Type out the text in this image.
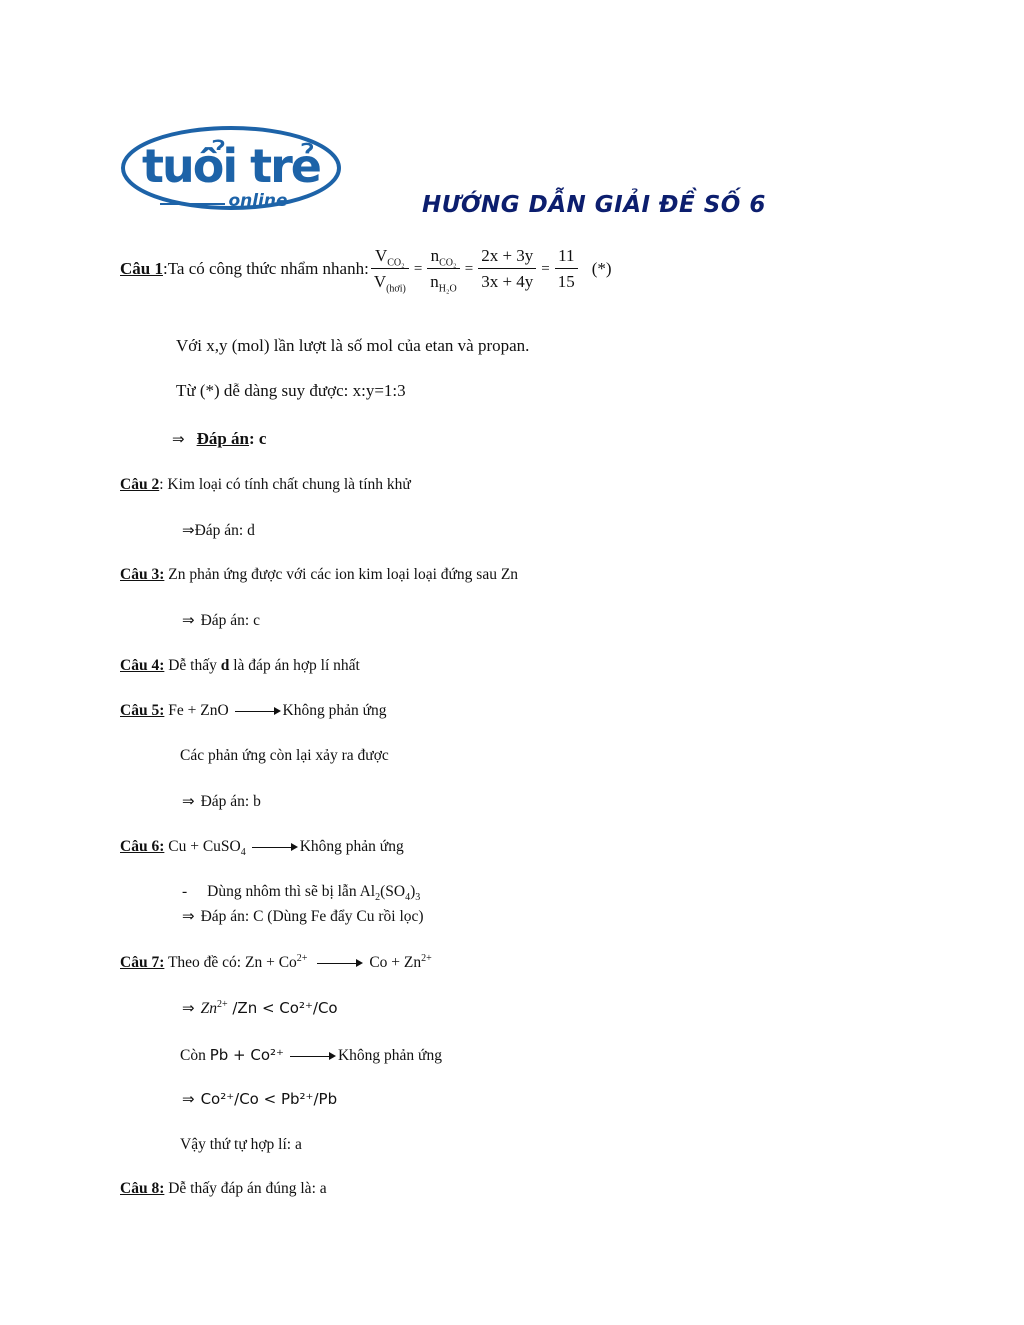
tuổi trẻ
online	HƯỚNG DẪN GIẢI ĐỀ SỐ 6
Câu 1 :Ta có công thức nhẩm nhanh: $\frac{V_{CO_2}}{V_{(hơi)}} = \frac{n_{CO_2}}{n_{H_2O}} = \frac{2x + 3y}{3x + 4y} = \frac{11}{15}$ (*)
Với x,y (mol) lần lượt là số mol của etan và propan.
Từ (*) dễ dàng suy được: x:y=1:3
⇒ Đáp án: c
Câu 2: Kim loại có tính chất chung là tính khử
⇒Đáp án: d
Câu 3: Zn phản ứng được với các ion kim loại loại đứng sau Zn
⇒ Đáp án: c
Câu 4: Dễ thấy d là đáp án hợp lí nhất
Câu 5: Fe + ZnO	Không phản ứng
Các phản ứng còn lại xảy ra được
⇒ Đáp án: b
Câu 6: Cu + CuSO$_4$	Không phản ứng
- Dùng nhôm thì sẽ bị lẫn $Al_2(SO_4)_3$
⇒ Đáp án: C (Dùng Fe đẩy Cu rồi lọc)
Câu 7: Theo đề có: $Zn + Co^{2+}$	$Co + Zn^{2+}$
⇒ $Zn^{2+}$ /Zn < Co²⁺/Co
Còn Pb + Co²⁺	Không phản ứng
⇒ Co²⁺/Co < Pb²⁺/Pb
Vậy thứ tự hợp lí: a
Câu 8: Dễ thấy đáp án đúng là: a
